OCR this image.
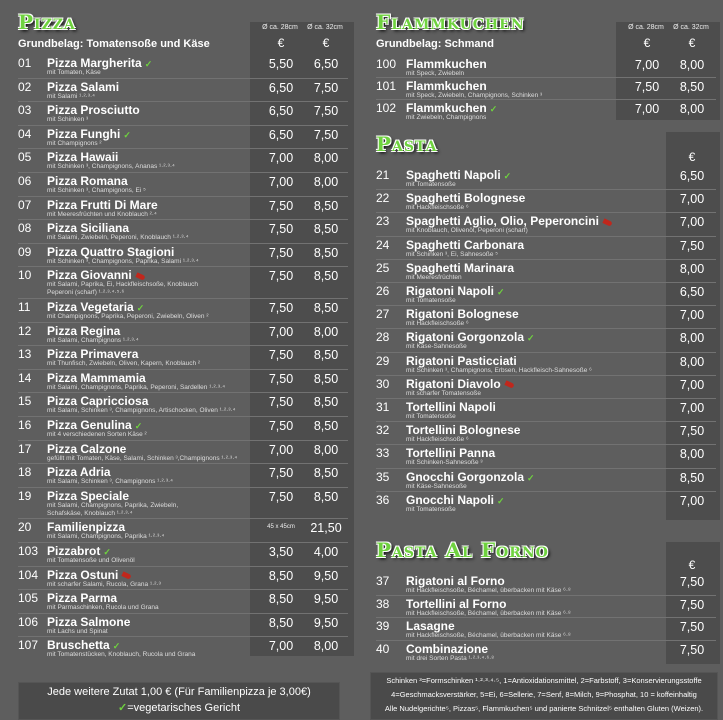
Pizza
Grundbelag: Tomatensoße und Käse
Ø ca. 28cm	Ø ca. 32cm
€	€
01 Pizza Margherita ✓
mit Tomaten, Käse
5,50	6,50
02 Pizza Salami
mit Salami ¹·²·³·⁴
6,50	7,50
03 Pizza Prosciutto
mit Schinken ³
6,50	7,50
04 Pizza Funghi ✓
mit Champignons ²
6,50	7,50
05 Pizza Hawaii
mit Schinken ³, Champignons, Ananas ¹·²·³·⁴
7,00	8,00
06 Pizza Romana
mit Schinken ³, Champignons, Ei ⁵
7,00	8,00
07 Pizza Frutti Di Mare
mit Meeresfrüchten und Knoblauch ²·⁴
7,50	8,50
08 Pizza Siciliana
mit Salami, Zwiebeln, Peperoni, Knoblauch ¹·²·³·⁴
7,50	8,50
09 Pizza Quattro Stagioni
mit Schinken ³, Champignons, Paprika, Salami ¹·²·³·⁴
7,50	8,50
10 Pizza Giovanni
mit Salami, Paprika, Ei, Hackfleischsoße, Knoblauch
Peperoni (scharf) ¹·²·³·⁴·⁵·⁶
7,50	8,50
11 Pizza Vegetaria ✓
mit Champignons, Paprika, Peperoni, Zwiebeln, Oliven ²
7,50	8,50
12 Pizza Regina
mit Salami, Champignons ¹·²·³·⁴
7,00	8,00
13 Pizza Primavera
mit Thunfisch, Zwiebeln, Oliven, Kapern, Knoblauch ²
7,50	8,50
14 Pizza Mammamia
mit Salami, Champignons, Paprika, Peperoni, Sardellen ¹·²·³·⁴
7,50	8,50
15 Pizza Capricciosa
mit Salami, Schinken ³, Champignons, Artischocken, Oliven ¹·²·³·⁴
7,50	8,50
16 Pizza Genulina ✓
mit 4 verschiedenen Sorten Käse ²
7,50	8,50
17 Pizza Calzone
gefüllt mit Tomaten, Käse, Salami, Schinken ³,Champignons ¹·²·³·⁴
7,00	8,00
18 Pizza Adria
mit Salami, Schinken ³, Champignons ¹·²·³·⁴
7,50	8,50
19 Pizza Speciale
mit Salami, Champignons, Paprika, Zwiebeln,
Schafskäse, Knoblauch ¹·²·³·⁴
7,50	8,50
20 Familienpizza
mit Salami, Champignons, Paprika ¹·²·³·⁴
45 x 45cm	21,50
103 Pizzabrot ✓
mit Tomatensoße und Olivenöl
3,50	4,00
104 Pizza Ostuni
mit scharfer Salami, Rucola, Grana ¹·²·³
8,50	9,50
105 Pizza Parma
mit Parmaschinken, Rucola und Grana
8,50	9,50
106 Pizza Salmone
mit Lachs und Spinat
8,50	9,50
107 Bruschetta ✓
mit Tomatenstücken, Knoblauch, Rucola und Grana
7,00	8,00
Jede weitere Zutat 1,00 € (Für Familienpizza je 3,00€)
✓=vegetarisches Gericht
Flammkuchen
Grundbelag: Schmand
Ø ca. 28cm	Ø ca. 32cm
€	€
100 Flammkuchen
mit Speck, Zwiebeln
7,00	8,00
101 Flammkuchen
mit Speck, Zwiebeln, Champignons, Schinken ³
7,50	8,50
102 Flammkuchen ✓
mit Zwiebeln, Champignons
7,00	8,00
Pasta
€
21 Spaghetti Napoli ✓
mit Tomatensoße
6,50
22 Spaghetti Bolognese
mit Hackfleischsoße ⁶
7,00
23 Spaghetti Aglio, Olio, Peperoncini
mit Knoblauch, Olivenöl, Peperoni (scharf)
7,00
24 Spaghetti Carbonara
mit Schinken ³, Ei, Sahnesoße ⁵
7,50
25 Spaghetti Marinara
mit Meeresfrüchten
8,00
26 Rigatoni Napoli ✓
mit Tomatensoße
6,50
27 Rigatoni Bolognese
mit Hackfleischsoße ⁶
7,00
28 Rigatoni Gorgonzola ✓
mit Käse-Sahnesoße
8,00
29 Rigatoni Pasticciati
mit Schinken ³, Champignons, Erbsen, Hackfleisch-Sahnesoße ⁶
8,00
30 Rigatoni Diavolo
mit scharfer Tomatensoße
7,00
31 Tortellini Napoli
mit Tomatensoße
7,00
32 Tortellini Bolognese
mit Hackfleischsoße ⁶
7,50
33 Tortellini Panna
mit Schinken-Sahnesoße ³
8,00
35 Gnocchi Gorgonzola ✓
mit Käse-Sahnesoße
8,50
36 Gnocchi Napoli ✓
mit Tomatensoße
7,00
Pasta Al Forno
€
37 Rigatoni al Forno
mit Hackfleischsoße, Béchamel, überbacken mit Käse ⁶·⁸
7,50
38 Tortellini al Forno
mit Hackfleischsoße, Béchamel, überbacken mit Käse ⁶·⁸
7,50
39 Lasagne
mit Hackfleischsoße, Béchamel, überbacken mit Käse ⁶·⁸
7,50
40 Combinazione
mit drei Sorten Pasta ¹·²·³·⁴·⁶·⁸
7,50
Schinken ³=Formschinken ¹·²·³·⁴·⁵, 1=Antioxidationsmittel, 2=Farbstoff, 3=Konservierungsstoffe
4=Geschmacksverstärker, 5=Ei, 6=Sellerie, 7=Senf, 8=Milch, 9=Phosphat, 10 = koffeinhaltig
Alle Nudelgerichte⁵, Pizzas⁵, Flammkuchen⁵ und panierte Schnitzel⁵ enthalten Gluten (Weizen).
